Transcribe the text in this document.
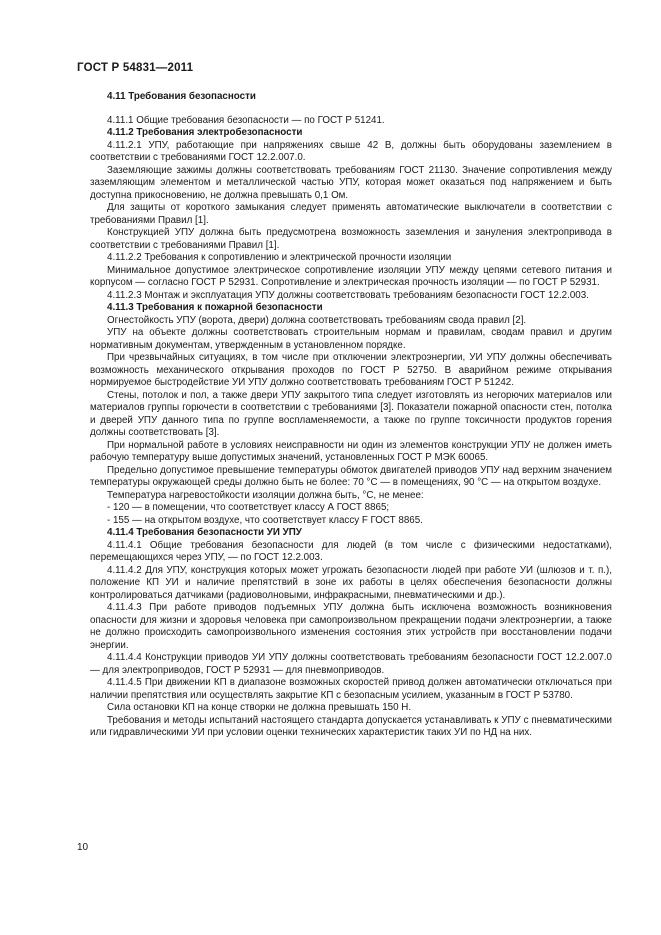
ГОСТ Р 54831—2011

4.11 Требования безопасности

4.11.1 Общие требования безопасности — по ГОСТ Р 51241.

4.11.2 Требования электробезопасности

4.11.2.1 УПУ, работающие при напряжениях свыше 42 В, должны быть оборудованы заземлением в соответствии с требованиями ГОСТ 12.2.007.0.

Заземляющие зажимы должны соответствовать требованиям ГОСТ 21130. Значение сопротивления между заземляющим элементом и металлической частью УПУ, которая может оказаться под напряжением и быть доступна прикосновению, не должна превышать 0,1 Ом.

Для защиты от короткого замыкания следует применять автоматические выключатели в соответствии с требованиями Правил [1].

Конструкцией УПУ должна быть предусмотрена возможность заземления и зануления электропривода в соответствии с требованиями Правил [1].

4.11.2.2 Требования к сопротивлению и электрической прочности изоляции

Минимальное допустимое электрическое сопротивление изоляции УПУ между цепями сетевого питания и корпусом — согласно ГОСТ Р 52931. Сопротивление и электрическая прочность изоляции — по ГОСТ Р 52931.

4.11.2.3 Монтаж и эксплуатация УПУ должны соответствовать требованиям безопасности ГОСТ 12.2.003.

4.11.3 Требования к пожарной безопасности

Огнестойкость УПУ (ворота, двери) должна соответствовать требованиям свода правил [2].

УПУ на объекте должны соответствовать строительным нормам и правилам, сводам правил и другим нормативным документам, утвержденным в установленном порядке.

При чрезвычайных ситуациях, в том числе при отключении электроэнергии, УИ УПУ должны обеспечивать возможность механического открывания проходов по ГОСТ Р 52750. В аварийном режиме открывания нормируемое быстродействие УИ УПУ должно соответствовать требованиям ГОСТ Р 51242.

Стены, потолок и пол, а также двери УПУ закрытого типа следует изготовлять из негорючих материалов или материалов группы горючести в соответствии с требованиями [3]. Показатели пожарной опасности стен, потолка и дверей УПУ данного типа по группе воспламеняемости, а также по группе токсичности продуктов горения должны соответствовать [3].

При нормальной работе в условиях неисправности ни один из элементов конструкции УПУ не должен иметь рабочую температуру выше допустимых значений, установленных ГОСТ Р МЭК 60065.

Предельно допустимое превышение температуры обмоток двигателей приводов УПУ над верхним значением температуры окружающей среды должно быть не более: 70 °С — в помещениях, 90 °С — на открытом воздухе.

Температура нагревостойкости изоляции должна быть, °С, не менее:

- 120 — в помещении, что соответствует классу А ГОСТ 8865;

- 155 — на открытом воздухе, что соответствует классу F ГОСТ 8865.

4.11.4 Требования безопасности УИ УПУ

4.11.4.1 Общие требования безопасности для людей (в том числе с физическими недостатками), перемещающихся через УПУ, — по ГОСТ 12.2.003.

4.11.4.2 Для УПУ, конструкция которых может угрожать безопасности людей при работе УИ (шлюзов и т. п.), положение КП УИ и наличие препятствий в зоне их работы в целях обеспечения безопасности должны контролироваться датчиками (радиоволновыми, инфракрасными, пневматическими и др.).

4.11.4.3 При работе приводов подъемных УПУ должна быть исключена возможность возникновения опасности для жизни и здоровья человека при самопроизвольном прекращении подачи электроэнергии, а также не должно происходить самопроизвольного изменения состояния этих устройств при восстановлении подачи энергии.

4.11.4.4 Конструкции приводов УИ УПУ должны соответствовать требованиям безопасности ГОСТ 12.2.007.0 — для электроприводов, ГОСТ Р 52931 — для пневмоприводов.

4.11.4.5 При движении КП в диапазоне возможных скоростей привод должен автоматически отключаться при наличии препятствия или осуществлять закрытие КП с безопасным усилием, указанным в ГОСТ Р 53780.

Сила остановки КП на конце створки не должна превышать 150 Н.

Требования и методы испытаний настоящего стандарта допускается устанавливать к УПУ с пневматическими или гидравлическими УИ при условии оценки технических характеристик таких УИ по НД на них.

10
